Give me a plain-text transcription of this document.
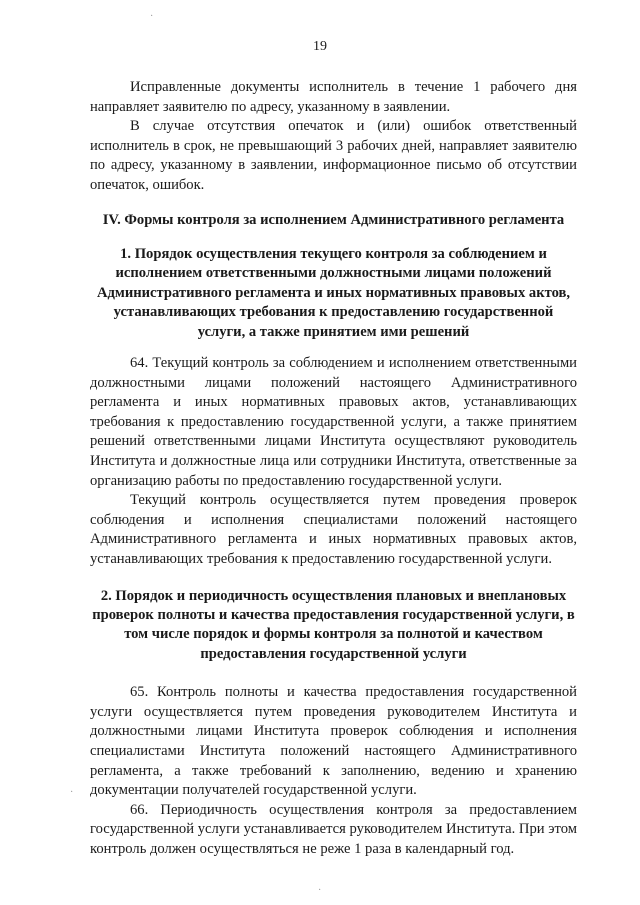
19

Исправленные документы исполнитель в течение 1 рабочего дня направляет заявителю по адресу, указанному в заявлении.

В случае отсутствия опечаток и (или) ошибок ответственный исполнитель в срок, не превышающий 3 рабочих дней, направляет заявителю по адресу, указанному в заявлении, информационное письмо об отсутствии опечаток, ошибок.

IV. Формы контроля за исполнением Административного регламента
1. Порядок осуществления текущего контроля за соблюдением и исполнением ответственными должностными лицами положений Административного регламента и иных нормативных правовых актов, устанавливающих требования к предоставлению государственной услуги, а также принятием ими решений

64. Текущий контроль за соблюдением и исполнением ответственными должностными лицами положений настоящего Административного регламента и иных нормативных правовых актов, устанавливающих требования к предоставлению государственной услуги, а также принятием решений ответственными лицами Института осуществляют руководитель Института и должностные лица или сотрудники Института, ответственные за организацию работы по предоставлению государственной услуги.

Текущий контроль осуществляется путем проведения проверок соблюдения и исполнения специалистами положений настоящего Административного регламента и иных нормативных правовых актов, устанавливающих требования к предоставлению государственной услуги.

2. Порядок и периодичность осуществления плановых и внеплановых проверок полноты и качества предоставления государственной услуги, в том числе порядок и формы контроля за полнотой и качеством предоставления государственной услуги

65. Контроль полноты и качества предоставления государственной услуги осуществляется путем проведения руководителем Института и должностными лицами Института проверок соблюдения и исполнения специалистами Института положений настоящего Административного регламента, а также требований к заполнению, ведению и хранению документации получателей государственной услуги.

66. Периодичность осуществления контроля за предоставлением государственной услуги устанавливается руководителем Института. При этом контроль должен осуществляться не реже 1 раза в календарный год.

·
·
·
